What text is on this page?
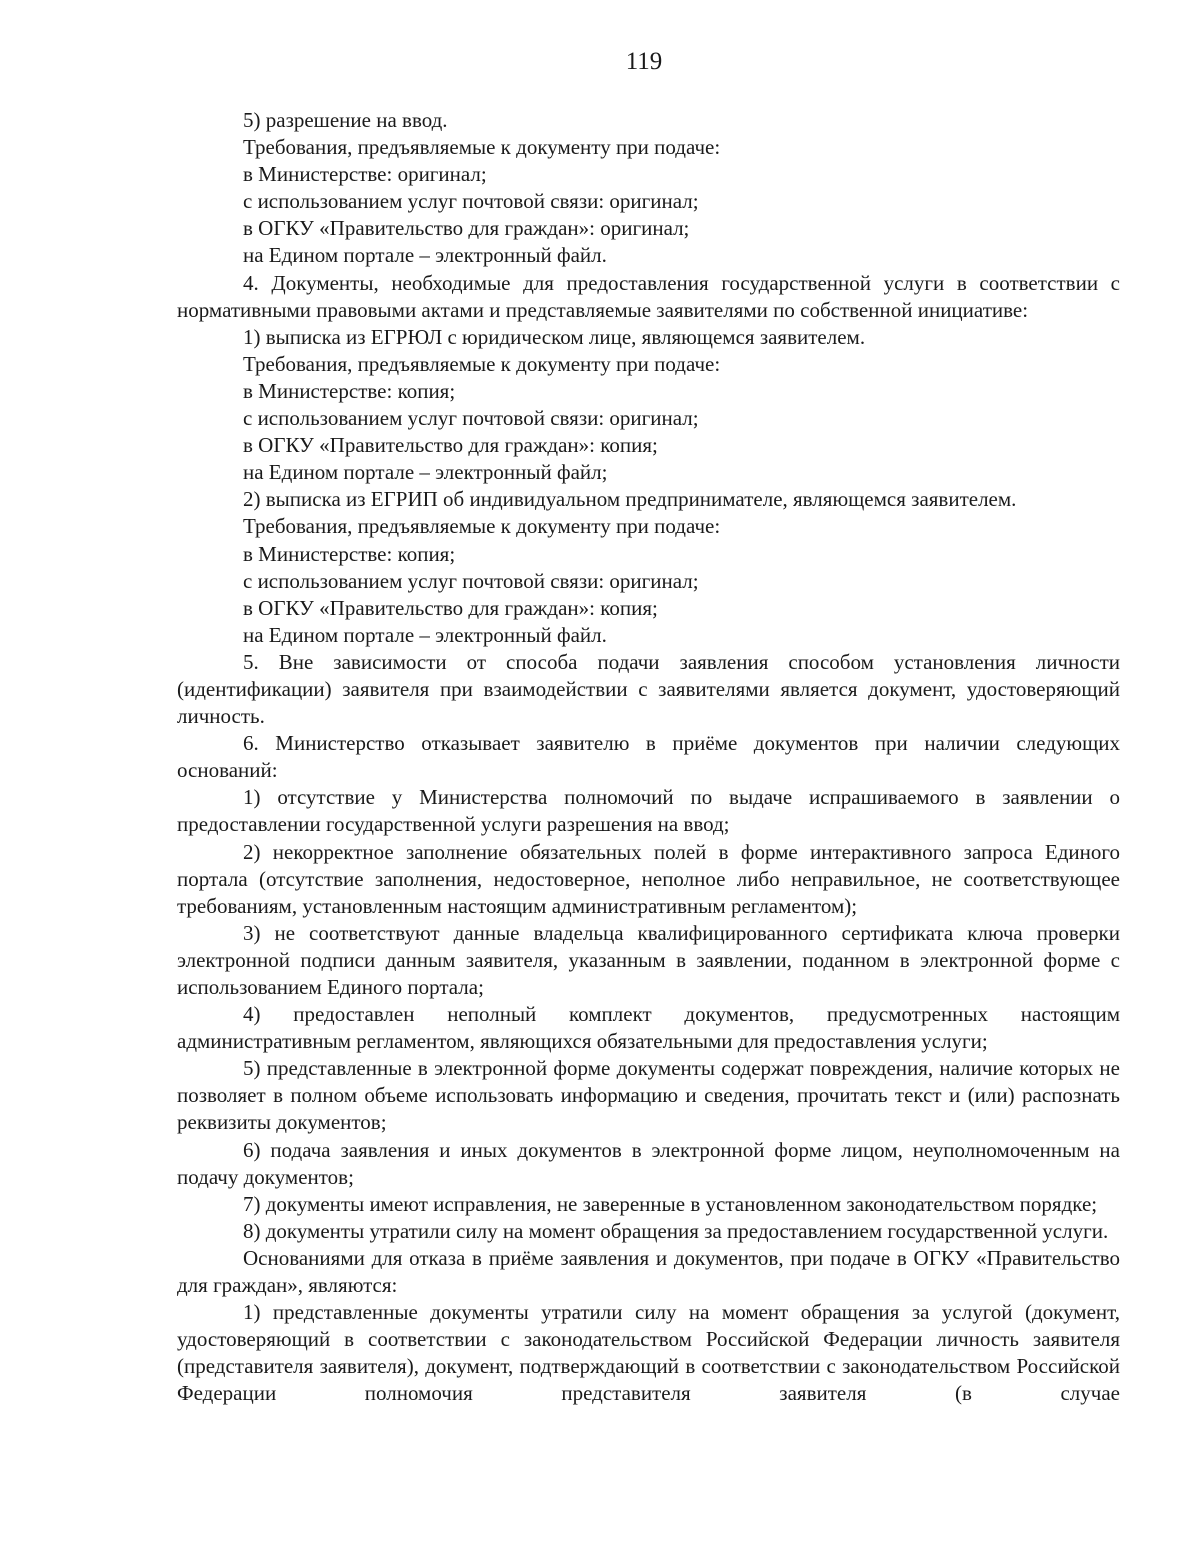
119

5) разрешение на ввод.

Требования, предъявляемые к документу при подаче:

в Министерстве: оригинал;

с использованием услуг почтовой связи: оригинал;

в ОГКУ «Правительство для граждан»: оригинал;

на Едином портале – электронный файл.

4. Документы, необходимые для предоставления государственной услуги в соответствии с нормативными правовыми актами и представляемые заявителями по собственной инициативе:

1) выписка из ЕГРЮЛ с юридическом лице, являющемся заявителем.

Требования, предъявляемые к документу при подаче:

в Министерстве: копия;

с использованием услуг почтовой связи: оригинал;

в ОГКУ «Правительство для граждан»: копия;

на Едином портале – электронный файл;

2) выписка из ЕГРИП об индивидуальном предпринимателе, являющемся заявителем.

Требования, предъявляемые к документу при подаче:

в Министерстве: копия;

с использованием услуг почтовой связи: оригинал;

в ОГКУ «Правительство для граждан»: копия;

на Едином портале – электронный файл.

5. Вне зависимости от способа подачи заявления способом установления личности (идентификации) заявителя при взаимодействии с заявителями является документ, удостоверяющий личность.

6. Министерство отказывает заявителю в приёме документов при наличии следующих оснований:

1) отсутствие у Министерства полномочий по выдаче испрашиваемого в заявлении о предоставлении государственной услуги разрешения на ввод;

2) некорректное заполнение обязательных полей в форме интерактивного запроса Единого портала (отсутствие заполнения, недостоверное, неполное либо неправильное, не соответствующее требованиям, установленным настоящим административным регламентом);

3) не соответствуют данные владельца квалифицированного сертификата ключа проверки электронной подписи данным заявителя, указанным в заявлении, поданном в электронной форме с использованием Единого портала;

4) предоставлен неполный комплект документов, предусмотренных настоящим административным регламентом, являющихся обязательными для предоставления услуги;

5) представленные в электронной форме документы содержат повреждения, наличие которых не позволяет в полном объеме использовать информацию и сведения, прочитать текст и (или) распознать реквизиты документов;

6) подача заявления и иных документов в электронной форме лицом, неуполномоченным на подачу документов;

7) документы имеют исправления, не заверенные в установленном законодательством порядке;

8) документы утратили силу на момент обращения за предоставлением государственной услуги.

Основаниями для отказа в приёме заявления и документов, при подаче в ОГКУ «Правительство для граждан», являются:

1) представленные документы утратили силу на момент обращения за услугой (документ, удостоверяющий в соответствии с законодательством Российской Федерации личность заявителя (представителя заявителя), документ, подтверждающий в соответствии с законодательством Российской Федерации полномочия представителя заявителя (в случае
